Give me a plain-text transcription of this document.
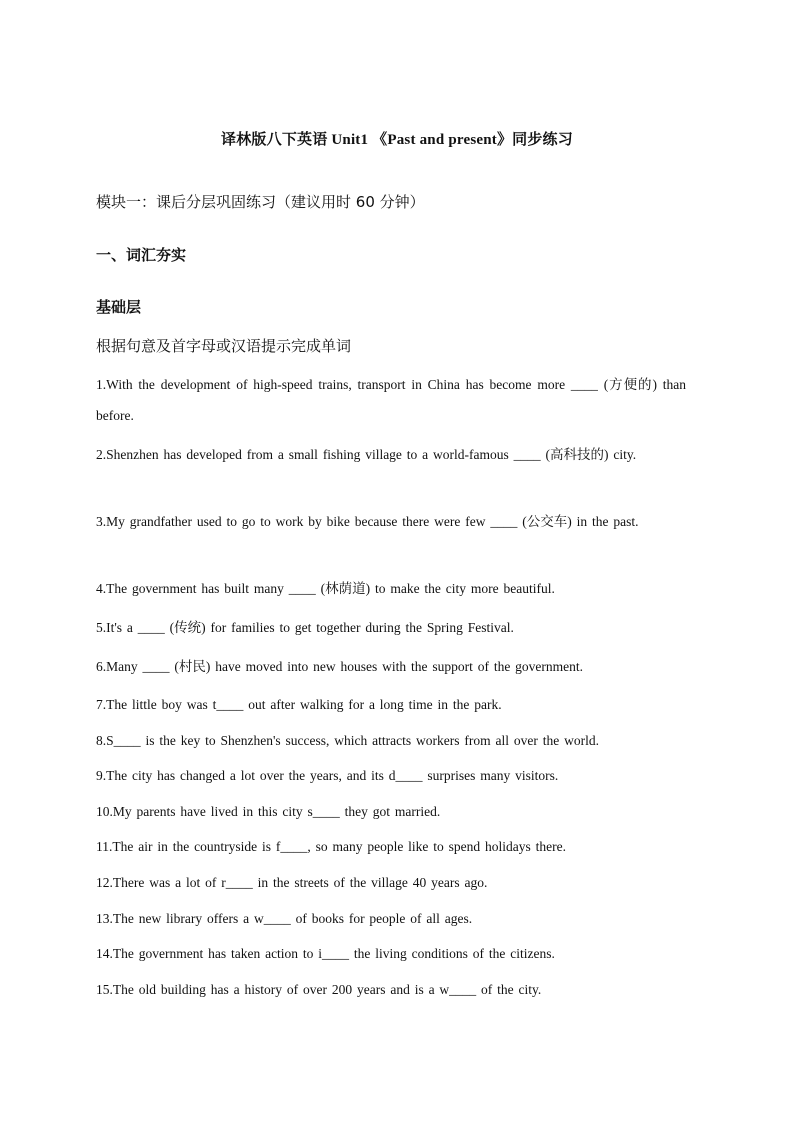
译林版八下英语 Unit1 《Past and present》同步练习
模块一：课后分层巩固练习（建议用时 60 分钟）
一、词汇夯实
基础层
根据句意及首字母或汉语提示完成单词
1.With the development of high-speed trains, transport in China has become more ____ (方便的) than before.
2.Shenzhen has developed from a small fishing village to a world-famous ____ (高科技的) city.
3.My grandfather used to go to work by bike because there were few ____ (公交车) in the past.
4.The government has built many ____ (林荫道) to make the city more beautiful.
5.It's a ____ (传统) for families to get together during the Spring Festival.
6.Many ____ (村民) have moved into new houses with the support of the government.
7.The little boy was t____ out after walking for a long time in the park.
8.S____ is the key to Shenzhen's success, which attracts workers from all over the world.
9.The city has changed a lot over the years, and its d____ surprises many visitors.
10.My parents have lived in this city s____ they got married.
11.The air in the countryside is f____, so many people like to spend holidays there.
12.There was a lot of r____ in the streets of the village 40 years ago.
13.The new library offers a w____ of books for people of all ages.
14.The government has taken action to i____ the living conditions of the citizens.
15.The old building has a history of over 200 years and is a w____ of the city.
